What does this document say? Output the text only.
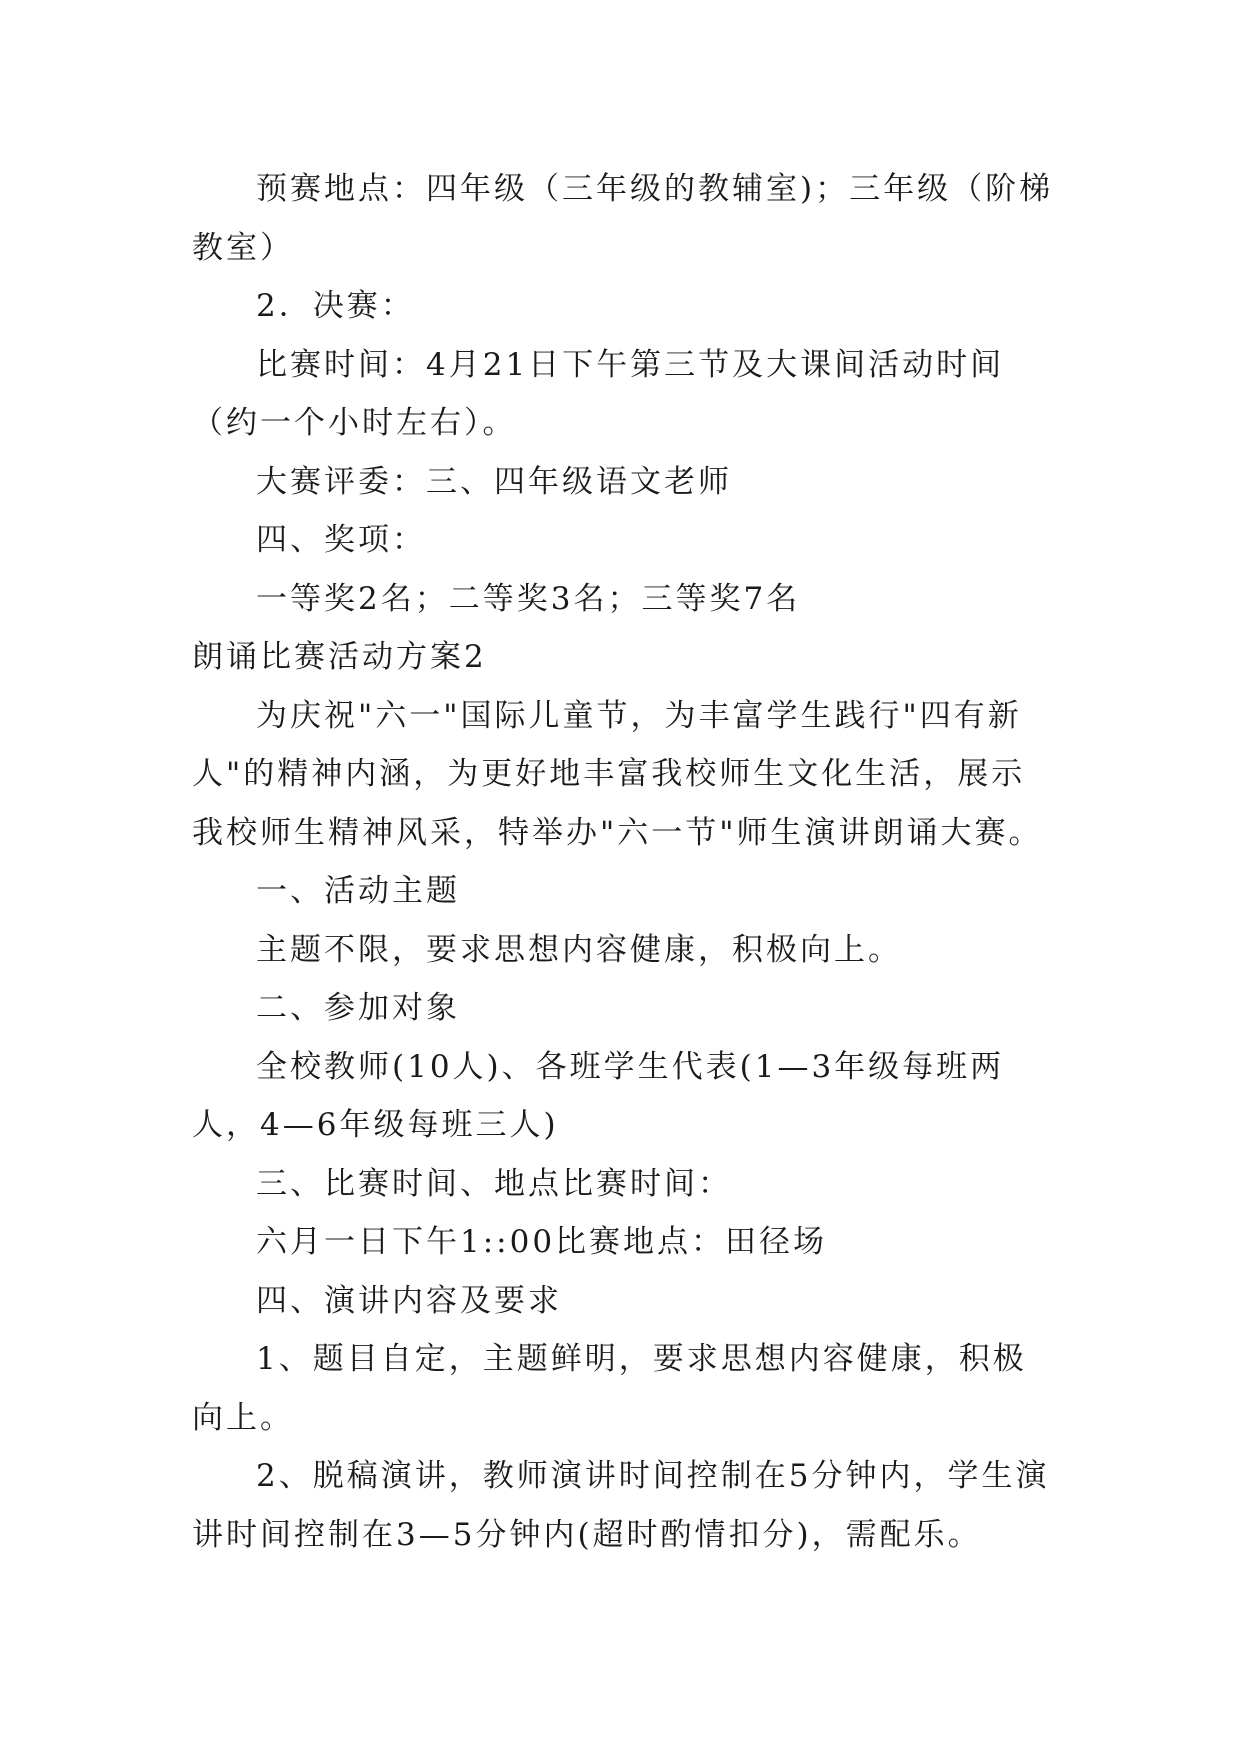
预赛地点：四年级（三年级的教辅室)；三年级（阶梯教室）

2．决赛：

比赛时间：4月21日下午第三节及大课间活动时间（约一个小时左右）。

大赛评委：三、四年级语文老师

四、奖项：

一等奖2名；二等奖3名；三等奖7名

朗诵比赛活动方案2

为庆祝"六一"国际儿童节，为丰富学生践行"四有新人"的精神内涵，为更好地丰富我校师生文化生活，展示我校师生精神风采，特举办"六一节"师生演讲朗诵大赛。

一、活动主题

主题不限，要求思想内容健康，积极向上。

二、参加对象

全校教师(10人)、各班学生代表(1—3年级每班两人，4—6年级每班三人)

三、比赛时间、地点比赛时间：

六月一日下午1::00比赛地点：田径场

四、演讲内容及要求

1、题目自定，主题鲜明，要求思想内容健康，积极向上。

2、脱稿演讲，教师演讲时间控制在5分钟内，学生演讲时间控制在3—5分钟内(超时酌情扣分)，需配乐。
